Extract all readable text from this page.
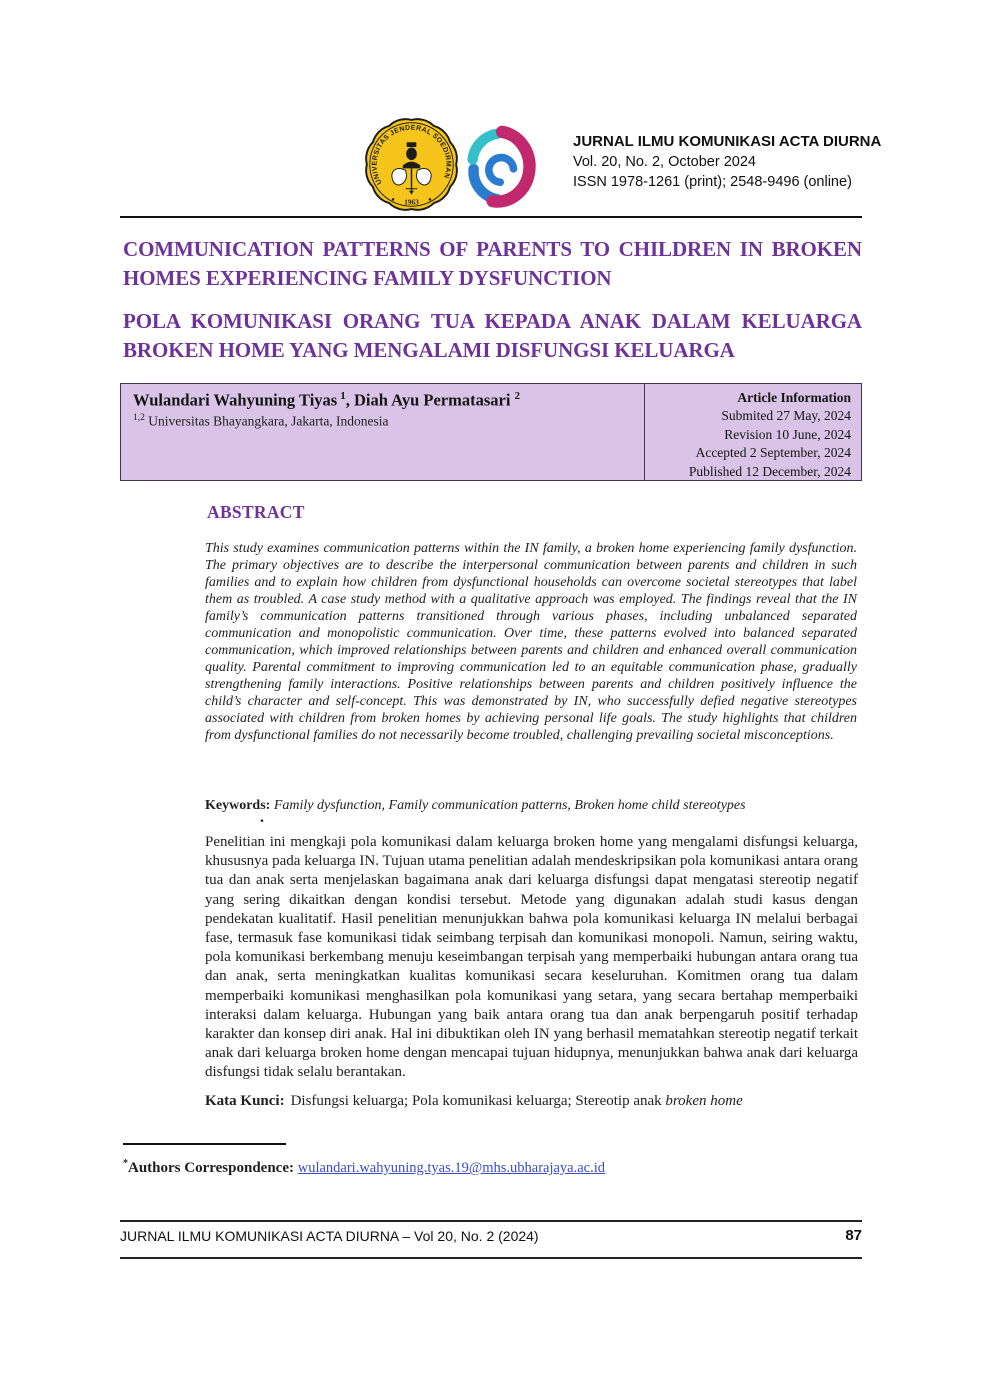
UNIVERSITAS JENDERAL SOEDIRMAN
1963
JURNAL ILMU KOMUNIKASI ACTA DIURNA
Vol. 20, No. 2, October 2024
ISSN 1978-1261 (print); 2548-9496 (online)
COMMUNICATION PATTERNS OF PARENTS TO CHILDREN IN BROKEN
HOMES EXPERIENCING FAMILY DYSFUNCTION
POLA KOMUNIKASI ORANG TUA KEPADA ANAK DALAM KELUARGA
BROKEN HOME YANG MENGALAMI DISFUNGSI KELUARGA
Wulandari Wahyuning Tiyas $^1$, Diah Ayu Permatasari $^2$
$^{1,2}$ Universitas Bhayangkara, Jakarta, Indonesia
Article Information
Submited 27 May, 2024
Revision 10 June, 2024
Accepted 2 September, 2024
Published 12 December, 2024
ABSTRACT
This study examines communication patterns within the IN family, a broken home experiencing family dysfunction. The primary objectives are to describe the interpersonal communication between parents and children in such families and to explain how children from dysfunctional households can overcome societal stereotypes that label them as troubled. A case study method with a qualitative approach was employed. The findings reveal that the IN family’s communication patterns transitioned through various phases, including unbalanced separated communication and monopolistic communication. Over time, these patterns evolved into balanced separated communication, which improved relationships between parents and children and enhanced overall communication quality. Parental commitment to improving communication led to an equitable communication phase, gradually strengthening family interactions. Positive relationships between parents and children positively influence the child’s character and self-concept. This was demonstrated by IN, who successfully defied negative stereotypes associated with children from broken homes by achieving personal life goals. The study highlights that children from dysfunctional families do not necessarily become troubled, challenging prevailing societal misconceptions.
Keywords: Family dysfunction, Family communication patterns, Broken home child stereotypes
.
Penelitian ini mengkaji pola komunikasi dalam keluarga broken home yang mengalami disfungsi keluarga, khususnya pada keluarga IN. Tujuan utama penelitian adalah mendeskripsikan pola komunikasi antara orang tua dan anak serta menjelaskan bagaimana anak dari keluarga disfungsi dapat mengatasi stereotip negatif yang sering dikaitkan dengan kondisi tersebut. Metode yang digunakan adalah studi kasus dengan pendekatan kualitatif. Hasil penelitian menunjukkan bahwa pola komunikasi keluarga IN melalui berbagai fase, termasuk fase komunikasi tidak seimbang terpisah dan komunikasi monopoli. Namun, seiring waktu, pola komunikasi berkembang menuju keseimbangan terpisah yang memperbaiki hubungan antara orang tua dan anak, serta meningkatkan kualitas komunikasi secara keseluruhan. Komitmen orang tua dalam memperbaiki komunikasi menghasilkan pola komunikasi yang setara, yang secara bertahap memperbaiki interaksi dalam keluarga. Hubungan yang baik antara orang tua dan anak berpengaruh positif terhadap karakter dan konsep diri anak. Hal ini dibuktikan oleh IN yang berhasil mematahkan stereotip negatif terkait anak dari keluarga broken home dengan mencapai tujuan hidupnya, menunjukkan bahwa anak dari keluarga disfungsi tidak selalu berantakan.
Kata Kunci: Disfungsi keluarga; Pola komunikasi keluarga; Stereotip anak broken home
*Authors Correspondence: wulandari.wahyuning.tyas.19@mhs.ubharajaya.ac.id
JURNAL ILMU KOMUNIKASI ACTA DIURNA – Vol 20, No. 2 (2024)	87
